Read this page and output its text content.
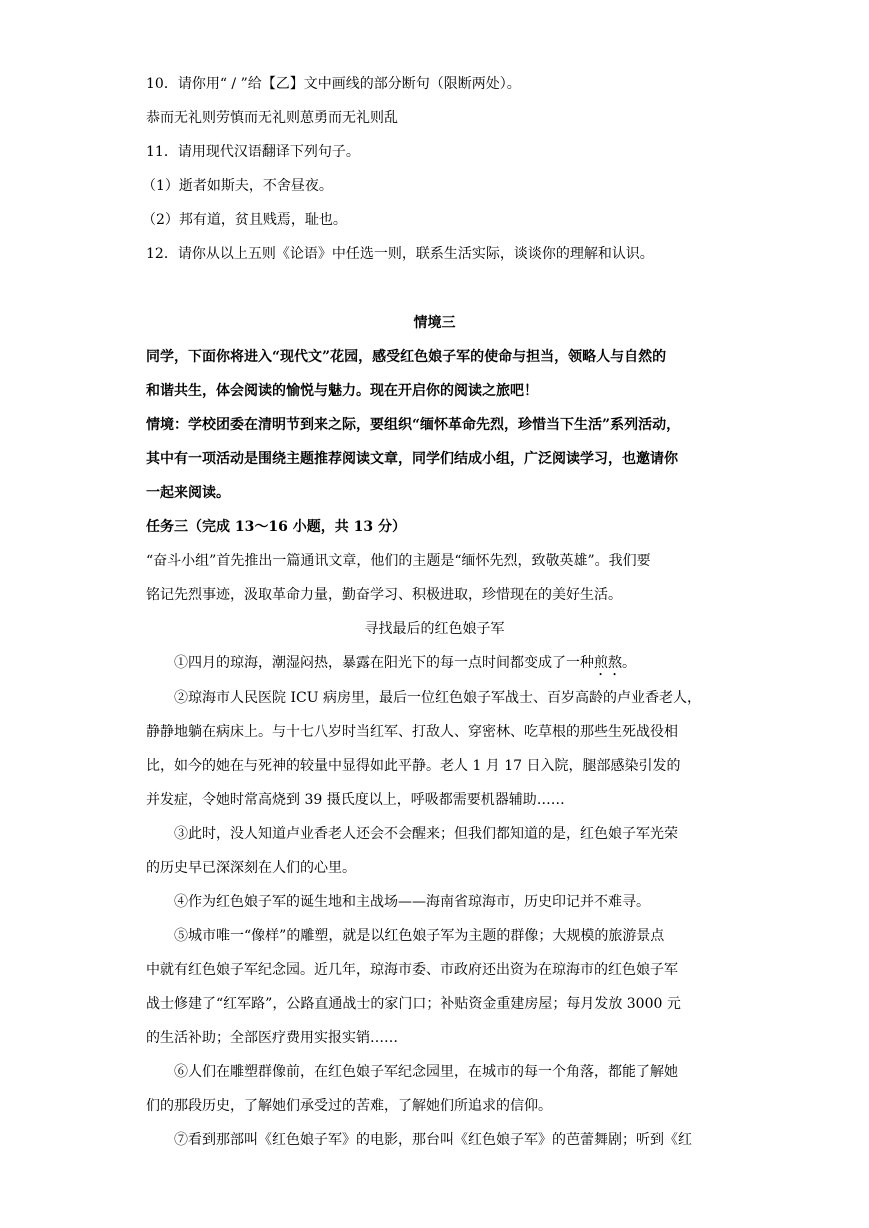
10．请你用“ / ”给【乙】文中画线的部分断句（限断两处）。
恭而无礼则劳慎而无礼则葸勇而无礼则乱
11．请用现代汉语翻译下列句子。
（1）逝者如斯夫，不舍昼夜。
（2）邦有道，贫且贱焉，耻也。
12．请你从以上五则《论语》中任选一则，联系生活实际，谈谈你的理解和认识。
情境三
同学，下面你将进入“现代文”花园，感受红色娘子军的使命与担当，领略人与自然的
和谐共生，体会阅读的愉悦与魅力。现在开启你的阅读之旅吧！
情境：学校团委在清明节到来之际，要组织“缅怀革命先烈，珍惜当下生活”系列活动，
其中有一项活动是围绕主题推荐阅读文章，同学们结成小组，广泛阅读学习，也邀请你
一起来阅读。
任务三（完成 13～16 小题，共 13 分）
“奋斗小组”首先推出一篇通讯文章，他们的主题是“缅怀先烈，致敬英雄”。我们要
铭记先烈事迹，汲取革命力量，勤奋学习、积极进取，珍惜现在的美好生活。
寻找最后的红色娘子军
①四月的琼海，潮湿闷热，暴露在阳光下的每一点时间都变成了一种煎熬。
②琼海市人民医院 ICU 病房里，最后一位红色娘子军战士、百岁高龄的卢业香老人，
静静地躺在病床上。与十七八岁时当红军、打敌人、穿密林、吃草根的那些生死战役相
比，如今的她在与死神的较量中显得如此平静。老人 1 月 17 日入院，腿部感染引发的
并发症，令她时常高烧到 39 摄氏度以上，呼吸都需要机器辅助……
③此时，没人知道卢业香老人还会不会醒来；但我们都知道的是，红色娘子军光荣
的历史早已深深刻在人们的心里。
④作为红色娘子军的诞生地和主战场——海南省琼海市，历史印记并不难寻。
⑤城市唯一“像样”的雕塑，就是以红色娘子军为主题的群像；大规模的旅游景点
中就有红色娘子军纪念园。近几年，琼海市委、市政府还出资为在琼海市的红色娘子军
战士修建了“红军路”，公路直通战士的家门口；补贴资金重建房屋；每月发放 3000 元
的生活补助；全部医疗费用实报实销……
⑥人们在雕塑群像前，在红色娘子军纪念园里，在城市的每一个角落，都能了解她
们的那段历史，了解她们承受过的苦难，了解她们所追求的信仰。
⑦看到那部叫《红色娘子军》的电影，那台叫《红色娘子军》的芭蕾舞剧；听到《红
